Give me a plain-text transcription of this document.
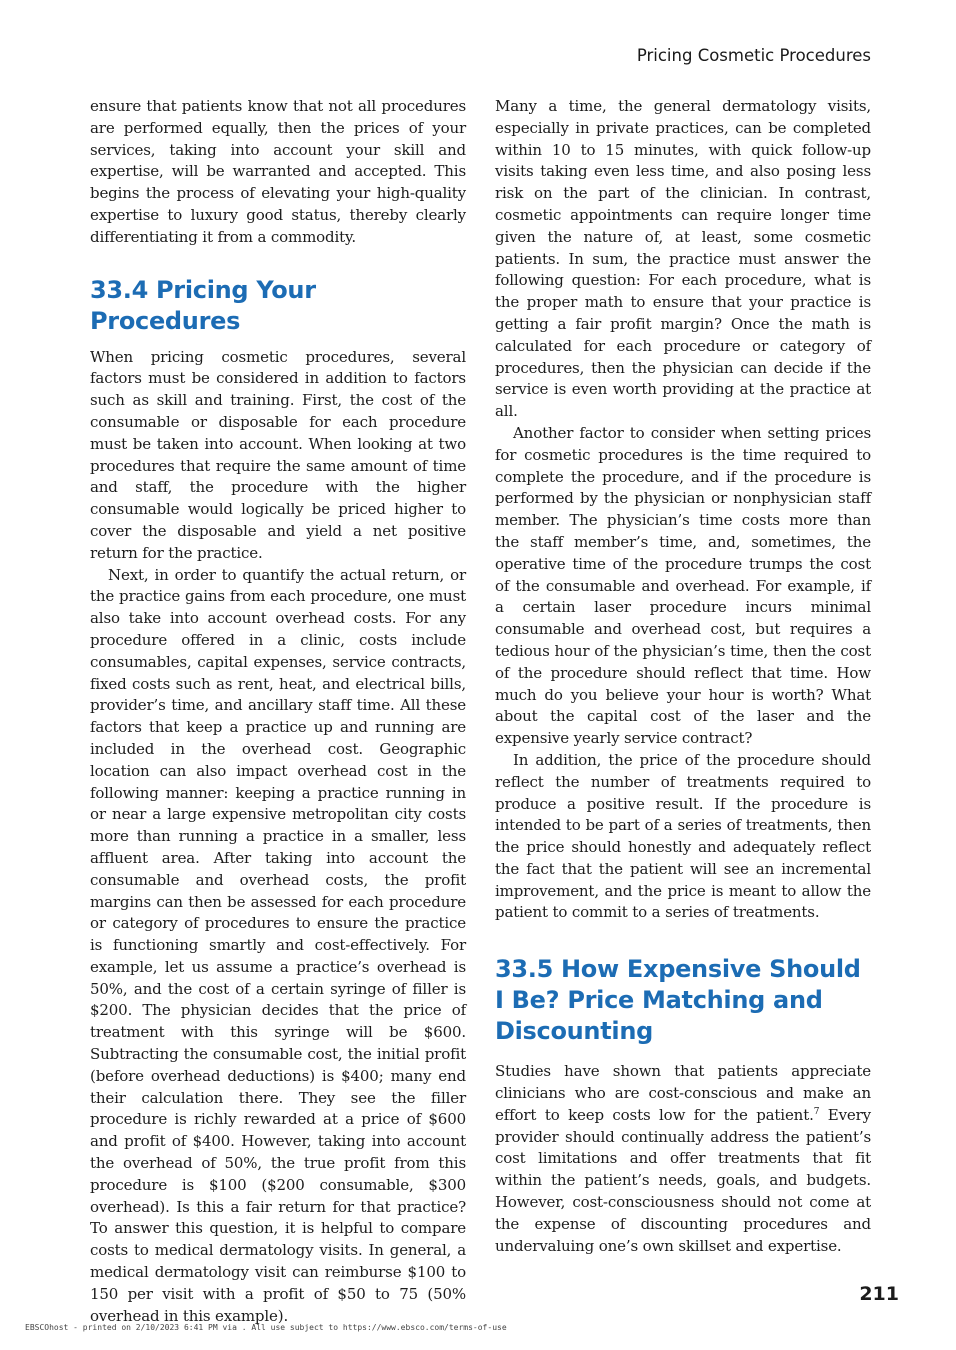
Pricing Cosmetic Procedures

ensure that patients know that not all procedures are performed equally, then the prices of your services, taking into account your skill and expertise, will be warranted and accepted. This begins the process of elevating your high-quality expertise to luxury good status, thereby clearly differentiating it from a commodity.

33.4 Pricing Your Procedures

When pricing cosmetic procedures, several factors must be considered in addition to factors such as skill and training. First, the cost of the consumable or disposable for each procedure must be taken into account. When looking at two procedures that require the same amount of time and staff, the procedure with the higher consumable would logically be priced higher to cover the disposable and yield a net positive return for the practice.

Next, in order to quantify the actual return, or the practice gains from each procedure, one must also take into account overhead costs. For any procedure offered in a clinic, costs include consumables, capital expenses, service contracts, fixed costs such as rent, heat, and electrical bills, provider’s time, and ancillary staff time. All these factors that keep a practice up and running are included in the overhead cost. Geographic location can also impact overhead cost in the following manner: keeping a practice running in or near a large expensive metropolitan city costs more than running a practice in a smaller, less affluent area. After taking into account the consumable and overhead costs, the profit margins can then be assessed for each procedure or category of procedures to ensure the practice is functioning smartly and cost-effectively. For example, let us assume a practice’s overhead is 50%, and the cost of a certain syringe of filler is $200. The physician decides that the price of treatment with this syringe will be $600. Subtracting the consumable cost, the initial profit (before overhead deductions) is $400; many end their calculation there. They see the filler procedure is richly rewarded at a price of $600 and profit of $400. However, taking into account the overhead of 50%, the true profit from this procedure is $100 ($200 consumable, $300 overhead). Is this a fair return for that practice? To answer this question, it is helpful to compare costs to medical dermatology visits. In general, a medical dermatology visit can reimburse $100 to 150 per visit with a profit of $50 to 75 (50% overhead in this example).

Many a time, the general dermatology visits, especially in private practices, can be completed within 10 to 15 minutes, with quick follow-up visits taking even less time, and also posing less risk on the part of the clinician. In contrast, cosmetic appointments can require longer time given the nature of, at least, some cosmetic patients. In sum, the practice must answer the following question: For each procedure, what is the proper math to ensure that your practice is getting a fair profit margin? Once the math is calculated for each procedure or category of procedures, then the physician can decide if the service is even worth providing at the practice at all.

Another factor to consider when setting prices for cosmetic procedures is the time required to complete the procedure, and if the procedure is performed by the physician or nonphysician staff member. The physician’s time costs more than the staff member’s time, and, sometimes, the operative time of the procedure trumps the cost of the consumable and overhead. For example, if a certain laser procedure incurs minimal consumable and overhead cost, but requires a tedious hour of the physician’s time, then the cost of the procedure should reflect that time. How much do you believe your hour is worth? What about the capital cost of the laser and the expensive yearly service contract?

In addition, the price of the procedure should reflect the number of treatments required to produce a positive result. If the procedure is intended to be part of a series of treatments, then the price should honestly and adequately reflect the fact that the patient will see an incremental improvement, and the price is meant to allow the patient to commit to a series of treatments.

33.5 How Expensive Should I Be? Price Matching and Discounting

Studies have shown that patients appreciate clinicians who are cost-conscious and make an effort to keep costs low for the patient.$^7$ Every provider should continually address the patient’s cost limitations and offer treatments that fit within the patient’s needs, goals, and budgets. However, cost-consciousness should not come at the expense of discounting procedures and undervaluing one’s own skillset and expertise.

211
EBSCOhost - printed on 2/10/2023 6:41 PM via . All use subject to https://www.ebsco.com/terms-of-use
